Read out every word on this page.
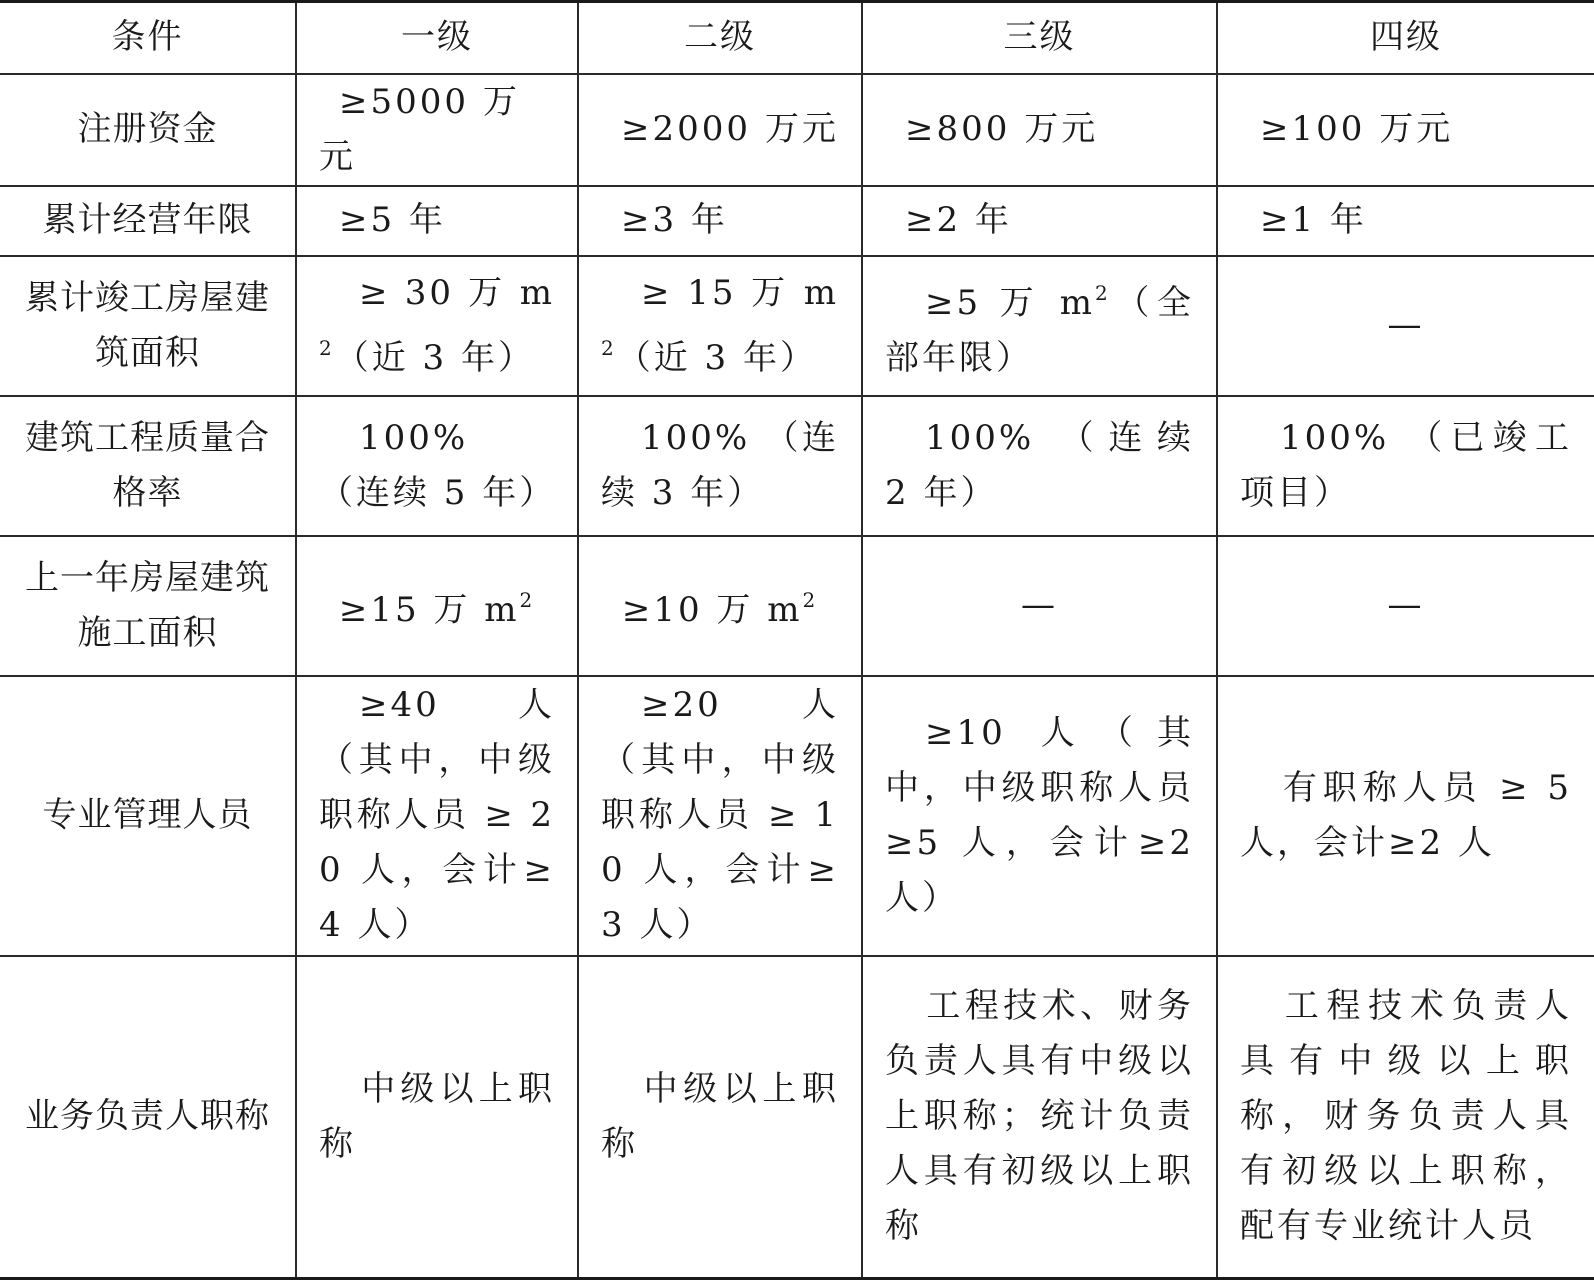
条件	一级	二级	三级	四级
注册资金	≥5000 万元	≥2000 万元	≥800 万元	≥100 万元
累计经营年限	≥5 年	≥3 年	≥2 年	≥1 年
累计竣工房屋建筑面积	≥ 30 万 $m^2$（近 3 年）	≥ 15 万 $m^2$（近 3 年）	≥5 万 $m^2$（全部年限）	—
建筑工程质量合格率	100% （连续 5 年）	100% （连续 3 年）	100% （连续 2 年）	100% （已竣工项目）
上一年房屋建筑施工面积	≥15 万 $m^2$	≥10 万 $m^2$	—	—
专业管理人员	≥40 人（其中，中级职称人员 ≥ 20 人，会计≥4 人）	≥20 人（其中，中级职称人员 ≥ 10 人，会计≥3 人）	≥10 人（其中，中级职称人员 ≥5 人，会计≥2 人）	有职称人员 ≥ 5 人，会计≥2 人
业务负责人职称	中级以上职称	中级以上职称	工程技术、财务负责人具有中级以上职称；统计负责人具有初级以上职称	工程技术负责人具有中级以上职称，财务负责人具有初级以上职称，配有专业统计人员
